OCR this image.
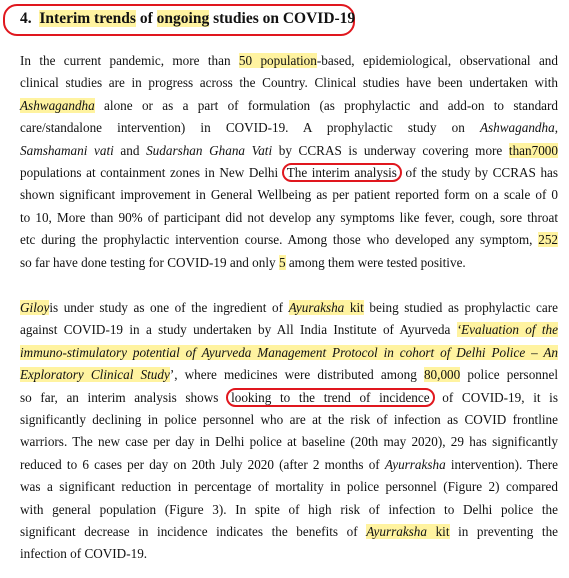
4. Interim trends of ongoing studies on COVID-19
In the current pandemic, more than 50 population-based, epidemiological, observational and
clinical studies are in progress across the Country. Clinical studies have been undertaken with
Ashwagandha alone or as a part of formulation (as prophylactic and add-on to standard
care/standalone intervention) in COVID-19. A prophylactic study on Ashwagandha,
Samshamani vati and Sudarshan Ghana Vati by CCRAS is underway covering more than7000
populations at containment zones in New Delhi The interim analysis of the study by CCRAS has
shown significant improvement in General Wellbeing as per patient reported form on a scale of 0
to 10, More than 90% of participant did not develop any symptoms like fever, cough, sore throat
etc during the prophylactic intervention course. Among those who developed any symptom, 252
so far have done testing for COVID-19 and only 5 among them were tested positive.
Giloyis under study as one of the ingredient of Ayuraksha kit being studied as prophylactic care
against COVID-19 in a study undertaken by All India Institute of Ayurveda ‘Evaluation of the
immuno-stimulatory potential of Ayurveda Management Protocol in cohort of Delhi Police – An
Exploratory Clinical Study’, where medicines were distributed among 80,000 police personnel
so far, an interim analysis shows looking to the trend of incidence of COVID-19, it is
significantly declining in police personnel who are at the risk of infection as COVID frontline
warriors. The new case per day in Delhi police at baseline (20th may 2020), 29 has significantly
reduced to 6 cases per day on 20th July 2020 (after 2 months of Ayurraksha intervention). There
was a significant reduction in percentage of mortality in police personnel (Figure 2) compared
with general population (Figure 3). In spite of high risk of infection to Delhi police the
significant decrease in incidence indicates the benefits of Ayurraksha kit in preventing the
infection of COVID-19.
